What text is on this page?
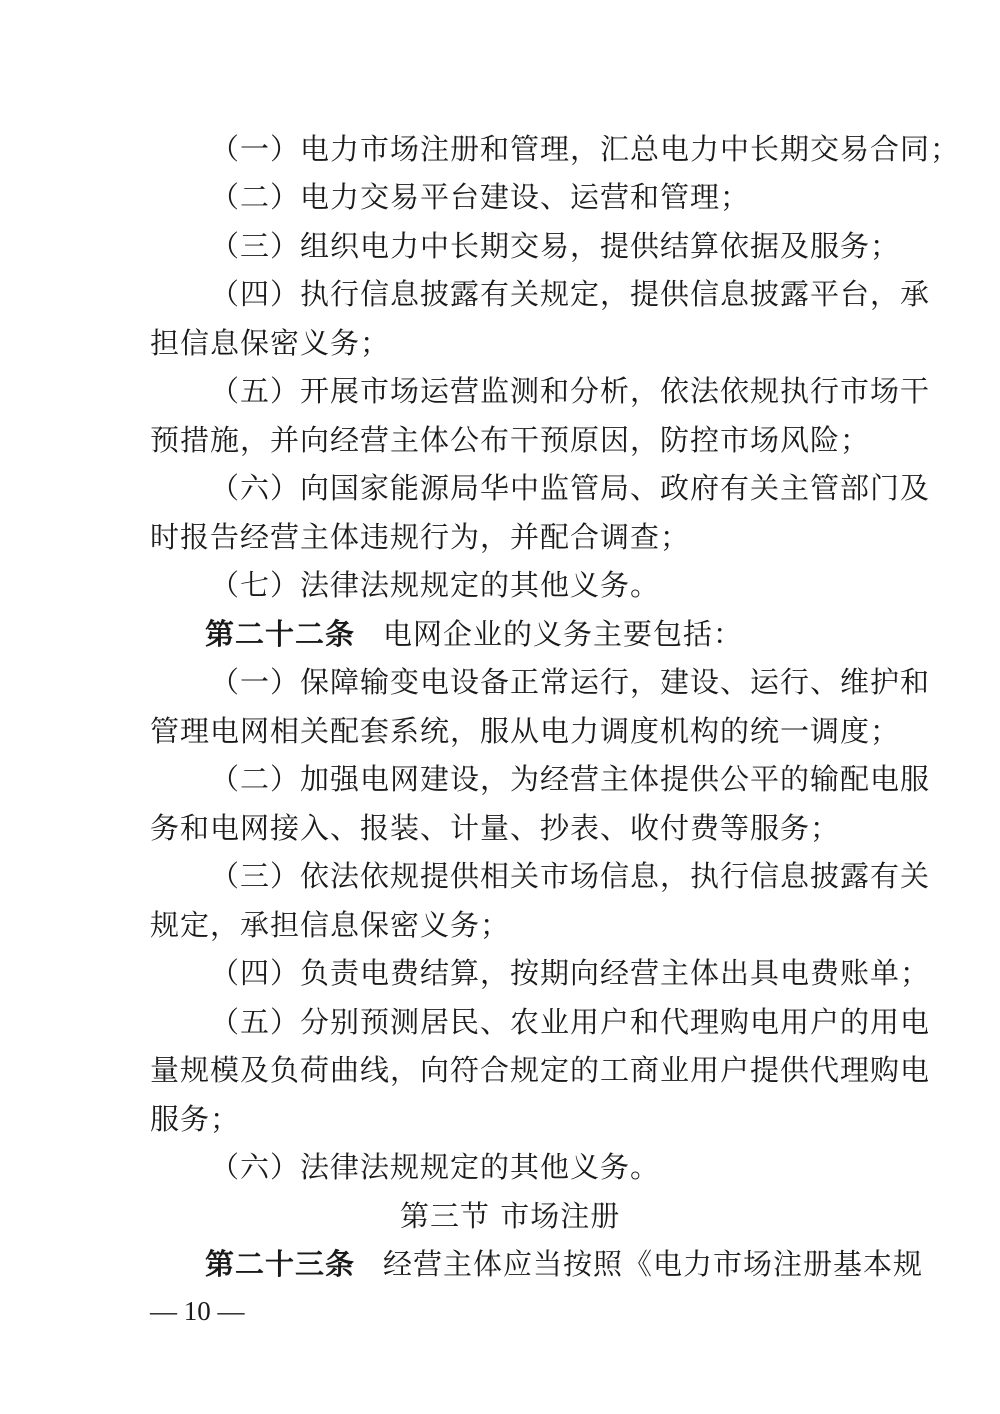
（一）电力市场注册和管理，汇总电力中长期交易合同；
（二）电力交易平台建设、运营和管理；
（三）组织电力中长期交易，提供结算依据及服务；
（四）执行信息披露有关规定，提供信息披露平台，承
担信息保密义务；
（五）开展市场运营监测和分析，依法依规执行市场干
预措施，并向经营主体公布干预原因，防控市场风险；
（六）向国家能源局华中监管局、政府有关主管部门及
时报告经营主体违规行为，并配合调查；
（七）法律法规规定的其他义务。
第二十二条 电网企业的义务主要包括：
（一）保障输变电设备正常运行，建设、运行、维护和
管理电网相关配套系统，服从电力调度机构的统一调度；
（二）加强电网建设，为经营主体提供公平的输配电服
务和电网接入、报装、计量、抄表、收付费等服务；
（三）依法依规提供相关市场信息，执行信息披露有关
规定，承担信息保密义务；
（四）负责电费结算，按期向经营主体出具电费账单；
（五）分别预测居民、农业用户和代理购电用户的用电
量规模及负荷曲线，向符合规定的工商业用户提供代理购电
服务；
（六）法律法规规定的其他义务。
第三节 市场注册
第二十三条 经营主体应当按照《电力市场注册基本规
— 10 —
